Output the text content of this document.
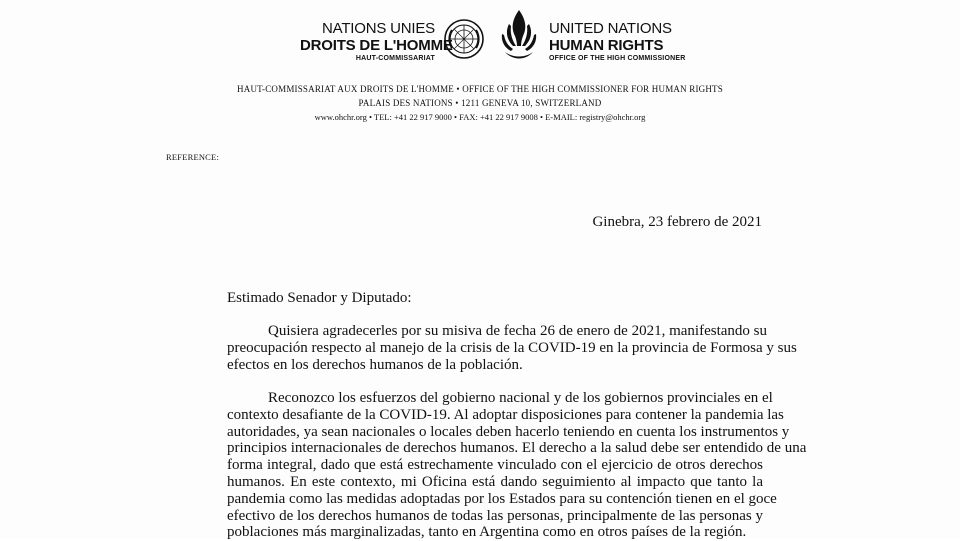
NATIONS UNIES
DROITS DE L'HOMME
HAUT-COMMISSARIAT
UNITED NATIONS
HUMAN RIGHTS
OFFICE OF THE HIGH COMMISSIONER
HAUT-COMMISSARIAT AUX DROITS DE L'HOMME • OFFICE OF THE HIGH COMMISSIONER FOR HUMAN RIGHTS
PALAIS DES NATIONS • 1211 GENEVA 10, SWITZERLAND
www.ohchr.org • TEL: +41 22 917 9000 • FAX: +41 22 917 9008 • E-MAIL: registry@ohchr.org
REFERENCE:
Ginebra, 23 febrero de 2021
Estimado Senador y Diputado:
Quisiera agradecerles por su misiva de fecha 26 de enero de 2021, manifestando su
preocupación respecto al manejo de la crisis de la COVID-19 en la provincia de Formosa y sus
efectos en los derechos humanos de la población.
Reconozco los esfuerzos del gobierno nacional y de los gobiernos provinciales en el
contexto desafiante de la COVID-19. Al adoptar disposiciones para contener la pandemia las
autoridades, ya sean nacionales o locales deben hacerlo teniendo en cuenta los instrumentos y
principios internacionales de derechos humanos. El derecho a la salud debe ser entendido de una
forma integral, dado que está estrechamente vinculado con el ejercicio de otros derechos
humanos. En este contexto, mi Oficina está dando seguimiento al impacto que tanto la
pandemia como las medidas adoptadas por los Estados para su contención tienen en el goce
efectivo de los derechos humanos de todas las personas, principalmente de las personas y
poblaciones más marginalizadas, tanto en Argentina como en otros países de la región.
